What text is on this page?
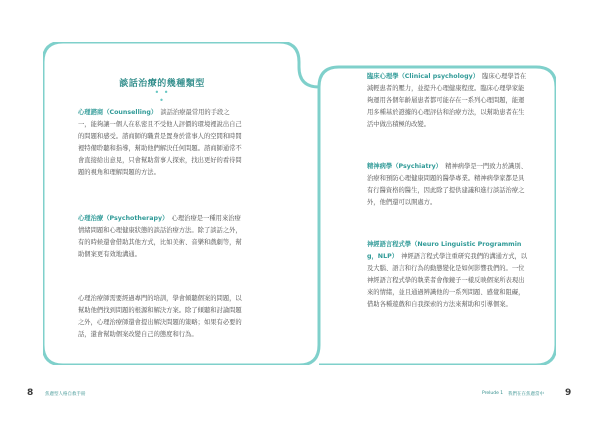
談話治療的幾種類型
• • •
心理諮商（Counselling）　談話治療最常用的手段之一，能夠讓一個人在私密且不受他人評價的環境裡說出自己的問題和感受。諮商師的職責是置身於當事人的空間和時間裡特備聆聽和指導，幫助他們解決任何問題。諮商師通常不會直接給出意見，只會幫助當事人探索，找出更好的看待問題的視角和理解問題的方法。
心理治療（Psychotherapy）　心理治療是一種用來治療情緒問題和心理健康狀態的談話治療方法。除了談話之外，有的時候還會借助其他方式，比如美術、音樂和戲劇等，幫助個案更有效地溝通。
心理治療師需要經過專門的培訓，學會傾聽個案的問題，以幫助他們找到問題的根源和解決方案。除了傾聽和討論問題之外，心理治療師還會提出解決問題的策略；如果有必要的話，還會幫助個案改變自己的態度和行為。
臨床心理學（Clinical psychology）　臨床心理學旨在減輕患者的壓力，並提升心理健康程度。臨床心理學家能夠運用各個年齡層患者都可能存在一系列心理問題，能運用多種基於證據的心理評估和治療方法，以幫助患者在生活中做出積極的改變。
精神病學（Psychiatry）　精神病學是一門致力於識別、治療和預防心理健康問題的醫學專業。精神病學家都是具有行醫資格的醫生，因此除了提供建議和進行談話治療之外，他們還可以開處方。
神經語言程式學（Neuro Linguistic Programming，NLP）　神經語言程式學注重研究我們的溝通方式，以及大腦、語言和行為的動態變化是如何影響我們的。一位神經語言程式學的執業者會像鏡子一樣反映個案所表現出來的情緒，並且通過辨識他的一系列問題、感覺和阻礙，借助各種遊戲和自我探索的方法來幫助和引導個案。
8	焦慮型人格自救手冊	Prelude 1 我們在在焦慮當中 9
